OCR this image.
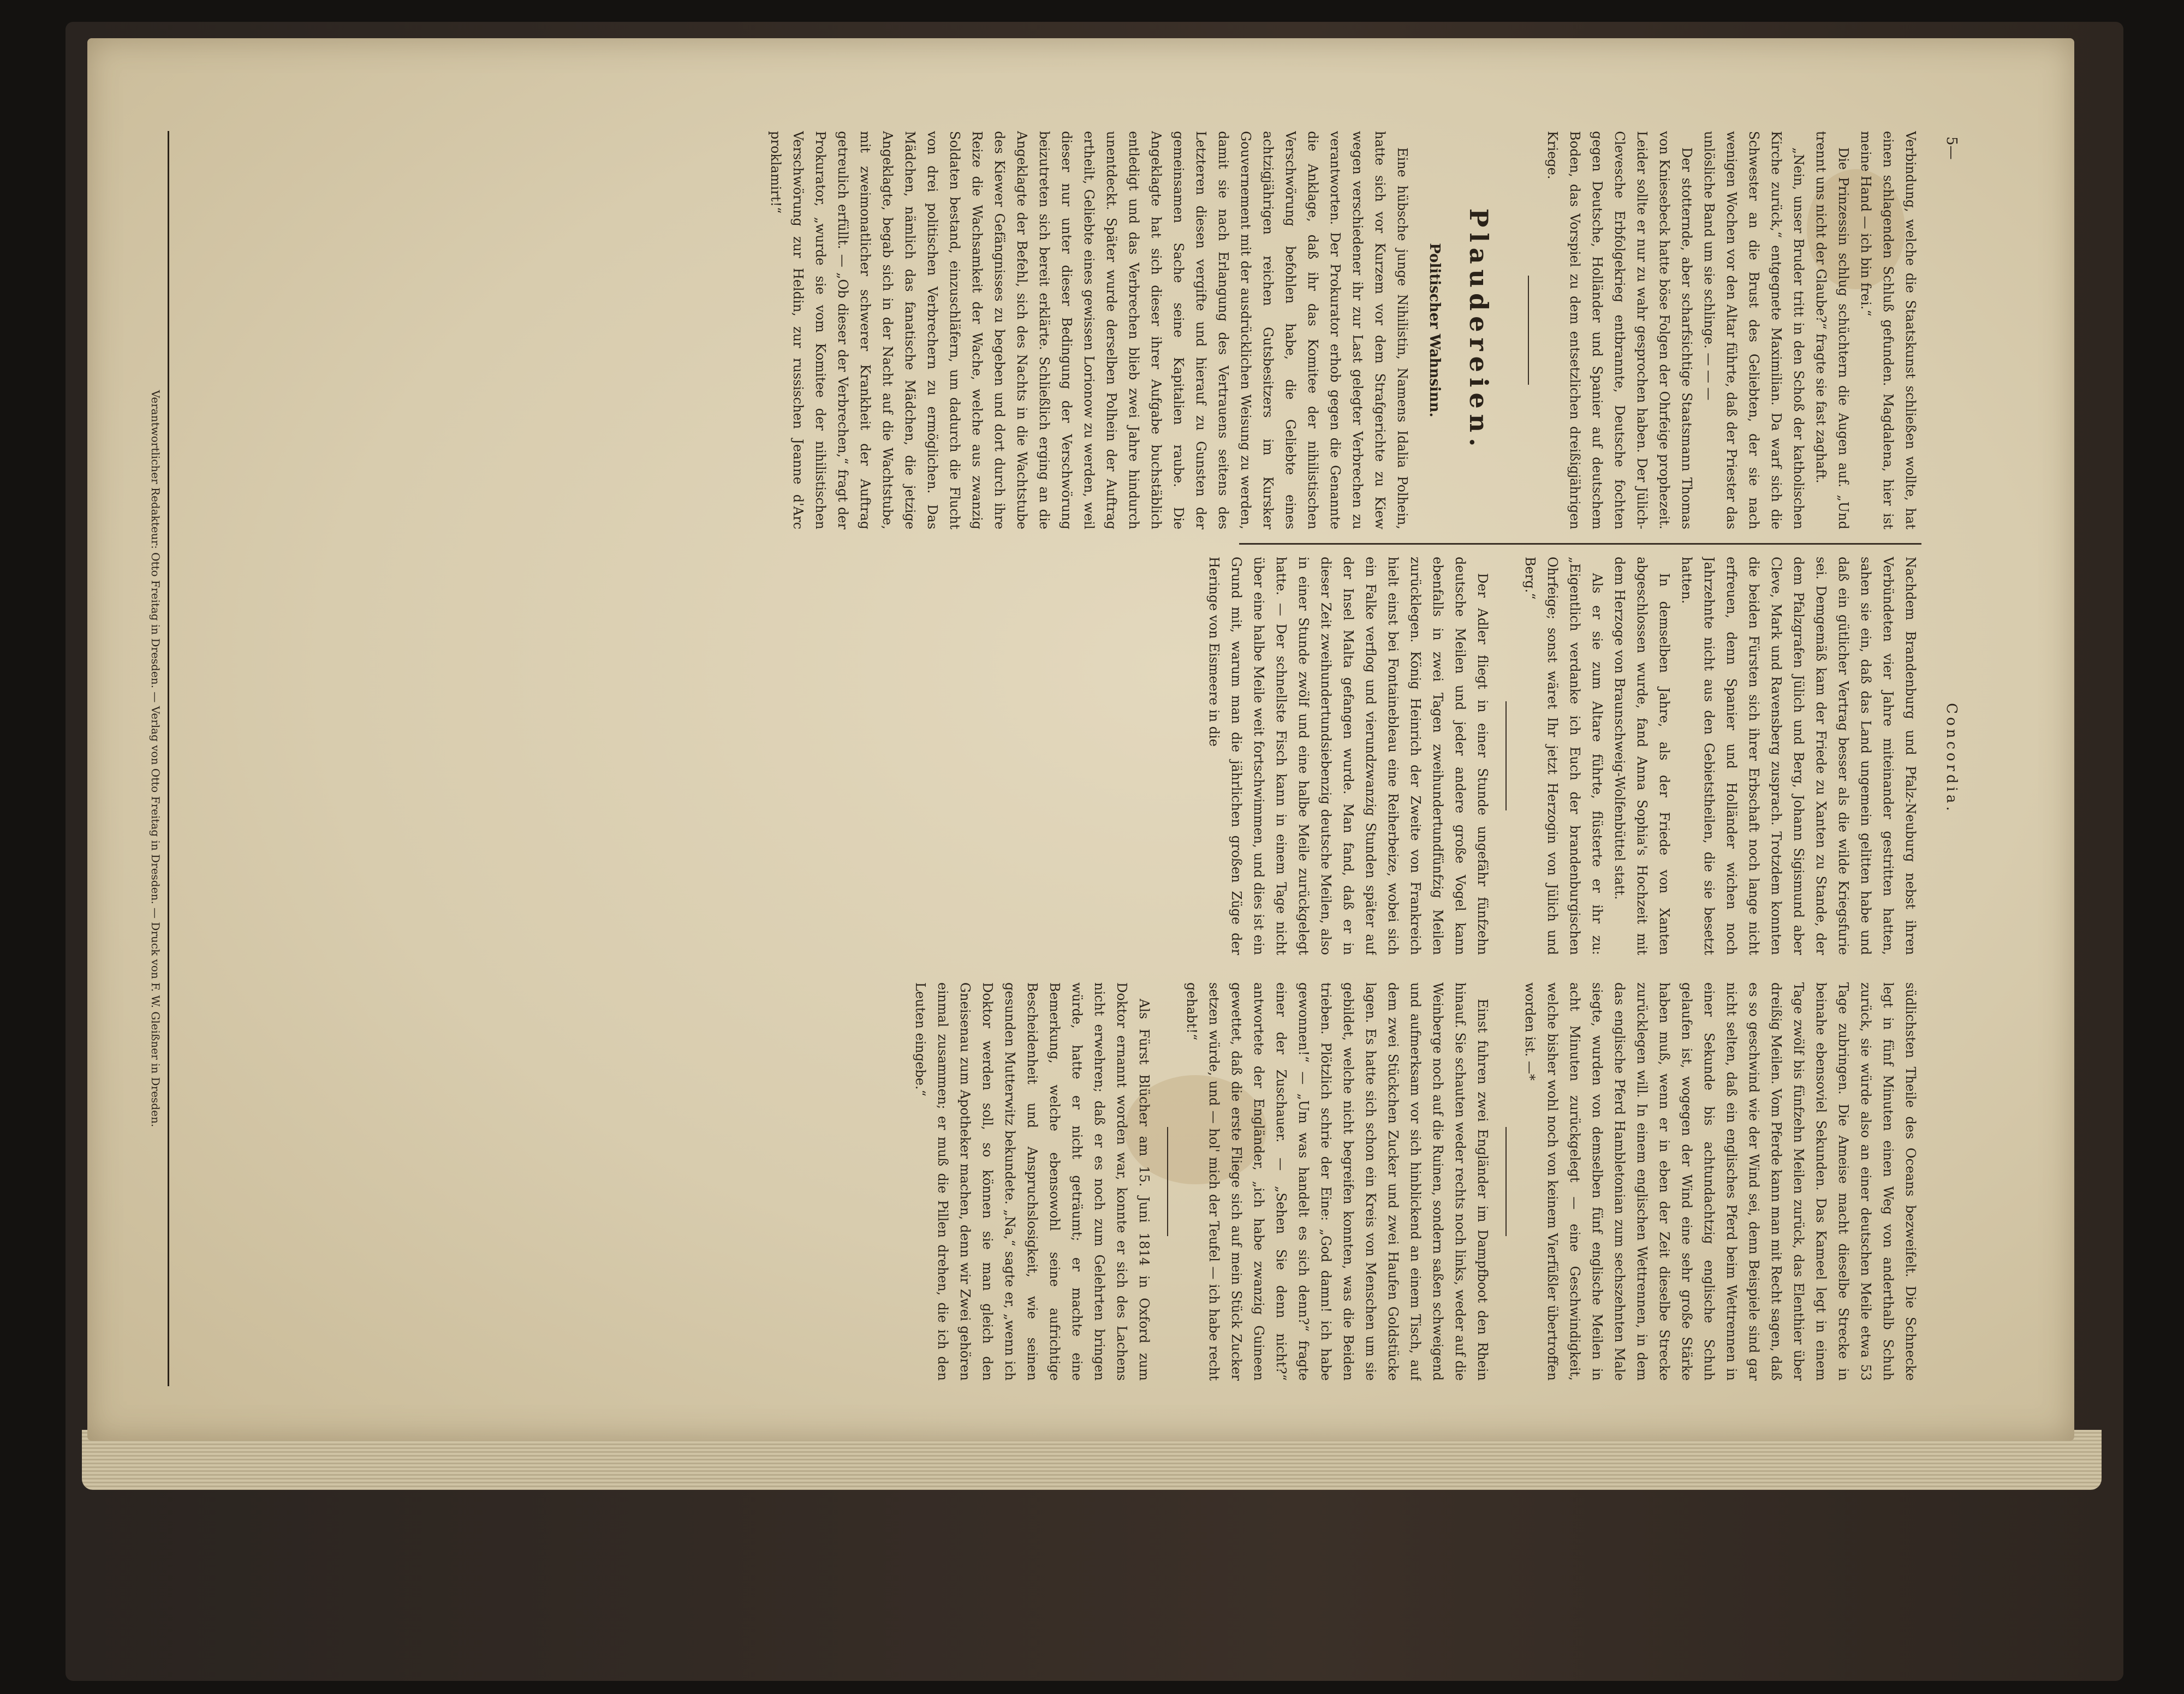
5—
Concordia.

Verbindung, welche die Staatskunst schließen wollte, hat einen schlagenden Schluß gefunden. Magdalena, hier ist meine Hand — ich bin frei.“

Die Prinzessin schlug schüchtern die Augen auf. „Und trennt uns nicht der Glaube?“ fragte sie fast zaghaft.

„Nein, unser Bruder tritt in den Schoß der katholischen Kirche zurück,“ entgegnete Maximilian. Da warf sich die Schwester an die Brust des Geliebten, der sie nach wenigen Wochen vor den Altar führte, daß der Priester das unlösliche Band um sie schlinge. — — —

Der stotternde, aber scharfsichtige Staatsmann Thomas von Kniesebeck hatte böse Folgen der Ohrfeige prophezeit. Leider sollte er nur zu wahr gesprochen haben. Der Jülich-Clevesche Erbfolgekrieg entbrannte, Deutsche fochten gegen Deutsche, Holländer und Spanier auf deutschem Boden, das Vorspiel zu dem entsetzlichen dreißigjährigen Kriege.

Plaudereien.
Politischer Wahnsinn.

Eine hübsche junge Nihilistin, Namens Idalia Polhein, hatte sich vor Kurzem vor dem Strafgerichte zu Kiew wegen verschiedener ihr zur Last gelegter Verbrechen zu verantworten. Der Prokurator erhob gegen die Genannte die Anklage, daß ihr das Komitee der nihilistischen Verschwörung befohlen habe, die Geliebte eines achtzigjährigen reichen Gutsbesitzers im Kursker Gouvernement mit der ausdrücklichen Weisung zu werden, damit sie nach Erlangung des Vertrauens seitens des Letzteren diesen vergifte und hierauf zu Gunsten der gemeinsamen Sache seine Kapitalien raube. Die Angeklagte hat sich dieser ihrer Aufgabe buchstäblich entledigt und das Verbrechen blieb zwei Jahre hindurch unentdeckt. Später wurde derselben Polhein der Auftrag ertheilt, Geliebte eines gewissen Lorionow zu werden, weil dieser nur unter dieser Bedingung der Verschwörung beizutreten sich bereit erklärte. Schließlich erging an die Angeklagte der Befehl, sich des Nachts in die Wachtstube des Kiewer Gefängnisses zu begeben und dort durch ihre Reize die Wachsamkeit der Wache, welche aus zwanzig Soldaten bestand, einzuschläfern, um dadurch die Flucht von drei politischen Verbrechern zu ermöglichen. Das Mädchen, nämlich das fanatische Mädchen, die jetzige Angeklagte, begab sich in der Nacht auf die Wachtstube, mit zweimonatlicher schwerer Krankheit der Auftrag getreulich erfüllt. — „Ob dieser der Verbrechen,“ fragt der Prokurator, „wurde sie vom Komitee der nihilistischen Verschwörung zur Heldin, zur russischen Jeanne d'Arc proklamirt!“

Nachdem Brandenburg und Pfalz-Neuburg nebst ihren Verbündeten vier Jahre miteinander gestritten hatten, sahen sie ein, daß das Land ungemein gelitten habe und daß ein gütlicher Vertrag besser als die wilde Kriegsfurie sei. Demgemäß kam der Friede zu Xanten zu Stande, der dem Pfalzgrafen Jülich und Berg, Johann Sigismund aber Cleve, Mark und Ravensberg zusprach. Trotzdem konnten die beiden Fürsten sich ihrer Erbschaft noch lange nicht erfreuen, denn Spanier und Holländer wichen noch Jahrzehnte nicht aus den Gebietstheilen, die sie besetzt hatten.

In demselben Jahre, als der Friede von Xanten abgeschlossen wurde, fand Anna Sophia's Hochzeit mit dem Herzoge von Braunschweig-Wolfenbüttel statt.

Als er sie zum Altare führte, flüsterte er ihr zu: „Eigentlich verdanke ich Euch der brandenburgischen Ohrfeige; sonst wäret Ihr jetzt Herzogin von Jülich und Berg.“

Der Adler fliegt in einer Stunde ungefähr fünfzehn deutsche Meilen und jeder andere große Vogel kann ebenfalls in zwei Tagen zweihundertundfünfzig Meilen zurücklegen. König Heinrich der Zweite von Frankreich hielt einst bei Fontainebleau eine Reiherbeize, wobei sich ein Falke verflog und vierundzwanzig Stunden später auf der Insel Malta gefangen wurde. Man fand, daß er in dieser Zeit zweihundertundsiebenzig deutsche Meilen, also in einer Stunde zwölf und eine halbe Meile zurückgelegt hatte. — Der schnellste Fisch kann in einem Tage nicht über eine halbe Meile weit fortschwimmen, und dies ist ein Grund mit, warum man die jährlichen großen Züge der Heringe von Eismeere in die

südlichsten Theile des Oceans bezweifelt. Die Schnecke legt in fünf Minuten einen Weg von anderthalb Schuh zurück, sie würde also an einer deutschen Meile etwa 53 Tage zubringen. Die Ameise macht dieselbe Strecke in beinahe ebensoviel Sekunden. Das Kameel legt in einem Tage zwölf bis fünfzehn Meilen zurück, das Elenthier über dreißig Meilen. Vom Pferde kann man mit Recht sagen, daß es so geschwind wie der Wind sei, denn Beispiele sind gar nicht selten, daß ein englisches Pferd beim Wettrennen in einer Sekunde bis achtundachtzig englische Schuh gelaufen ist, wogegen der Wind eine sehr große Stärke haben muß, wenn er in eben der Zeit dieselbe Strecke zurücklegen will. In einem englischen Wettrennen, in dem das englische Pferd Hambletonian zum sechszehnten Male siegte, wurden von demselben fünf englische Meilen in acht Minuten zurückgelegt — eine Geschwindigkeit, welche bisher wohl noch von keinem Vierfüßler übertroffen worden ist. —*

Einst fuhren zwei Engländer im Dampfboot den Rhein hinauf. Sie schauten weder rechts noch links, weder auf die Weinberge noch auf die Ruinen, sondern saßen schweigend und aufmerksam vor sich hinblickend an einem Tisch, auf dem zwei Stückchen Zucker und zwei Haufen Goldstücke lagen. Es hatte sich schon ein Kreis von Menschen um sie gebildet, welche nicht begreifen konnten, was die Beiden trieben. Plötzlich schrie der Eine: „God damn! ich habe gewonnen!“ — „Um was handelt es sich denn?“ fragte einer der Zuschauer. — „Sehen Sie denn nicht?“ antwortete der Engländer, „ich habe zwanzig Guineen gewettet, daß die erste Fliege sich auf mein Stück Zucker setzen würde, und — hol' mich der Teufel — ich habe recht gehabt!“

Als Fürst Blücher am 15. Juni 1814 in Oxford zum Doktor ernannt worden war, konnte er sich des Lachens nicht erwehren; daß er es noch zum Gelehrten bringen würde, hatte er nicht geträumt; er machte eine Bemerkung, welche ebensowohl seine aufrichtige Bescheidenheit und Anspruchslosigkeit, wie seinen gesunden Mutterwitz bekundete. „Na,“ sagte er, „wenn ich Doktor werden soll, so können sie man gleich den Gneisenau zum Apotheker machen, denn wir Zwei gehören einmal zusammen; er muß die Pillen drehen, die ich den Leuten eingebe.“

Verantwortlicher Redakteur: Otto Freitag in Dresden. — Verlag von Otto Freitag in Dresden. — Druck von F. W. Gleißner in Dresden.
